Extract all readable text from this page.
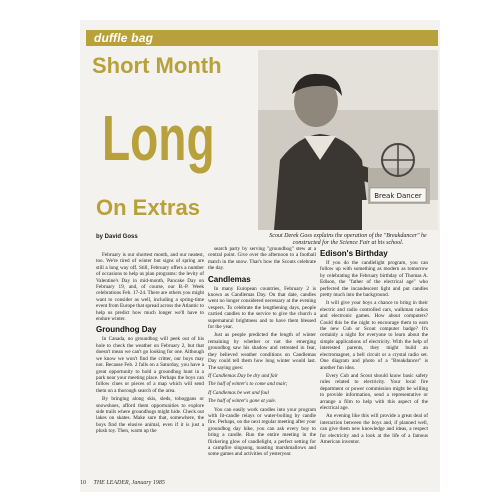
duffle bag
Short Month
Long
On Extras
by David Goss
Break Dancer
Scout Derek Goss explains the operation of the "Breakdancer" he constructed for the Science Fair at his school.

February is our shortest month, and our neatest, too. We're tired of winter but signs of spring are still a long way off. Still, February offers a number of occasions to help us plan programs: the levity of Valentine's Day in mid-month, Pancake Day on February 19, and, of course, our B.-P. Week celebrations Feb. 17-24. There are others you might want to consider as well, including a spring-time event from Europe that spread across the Atlantic to help us predict how much longer we'll have to endure winter.

Groundhog Day

In Canada, no groundhog will peek out of his hole to check the weather on February 2, but that doesn't mean we can't go looking for one. Although we know we won't find the critter, our boys may not. Because Feb. 2 falls on a Saturday, you have a great opportunity to hold a groundhog hunt in a park near your meeting place. Perhaps the boys can follow clues or pieces of a map which will send them on a thorough search of the area.

By bringing along skis, sleds, toboggans or snowshoes, afford them opportunities to explore side trails where groundhogs might hide. Check out lakes on skates. Make sure that, somewhere, the boys find the elusive animal, even if it is just a plush toy. Then, warm up the

search party by serving "groundhog" stew at a central point. Give over the afternoon to a football match in the snow. That's how the Scouts celebrate the day.

Candlemas

In many European countries, February 2 is known as Candlemas Day. On that date, candles went no longer considered necessary at the evening vespers. To celebrate the lengthening days, people carried candles to the service to give the church a supernatural brightness and to have them blessed for the year.

Just as people predicted the length of winter remaining by whether or not the emerging groundhog saw his shadow and retreated in fear, they believed weather conditions on Candlemas Day could tell them how long winter would last. The saying goes:

If Candlemas Day be dry and fair

The half of winter's to come and mair;

If Candlemas be wet and foul

The half of winter's gone at yule.

You can easily work candles into your program with lit-candle relays or water-boiling by candle fire. Perhaps, on the next regular meeting after your groundhog day hike, you can ask every boy to bring a candle. Run the entire meeting in the flickering glow of candlelight, a perfect setting for a campfire singsong, toasting marshmallows and some games and activities of yesteryear.

Edison's Birthday

If you do the candlelight program, you can follow up with something as modern as tomorrow by celebrating the February birthday of Thomas A. Edison, the "father of the electrical age" who perfected the incandescent light and put candles pretty much into the background.

It will give your boys a chance to bring in their electric and radio controlled cars, walkman radios and electronic games. How about computers? Could this be the night to encourage them to earn the new Cub or Scout computer badge? It's certainly a night for everyone to learn about the simple applications of electricity. With the help of interested parents, they might build an electromagnet, a bell circuit or a crystal radio set. One diagram and photo of a "Breakdancer" is another fun idea.

Every Cub and Scout should know basic safety rules related to electricity. Your local fire department or power commission might be willing to provide information, send a representative or arrange a film to help with this aspect of the electrical age.

An evening like this will provide a great deal of interaction between the boys and, if planned well, can give them new knowledge and ideas, a respect for electricity and a look at the life of a famous American inventor.

10 THE LEADER, January 1985
